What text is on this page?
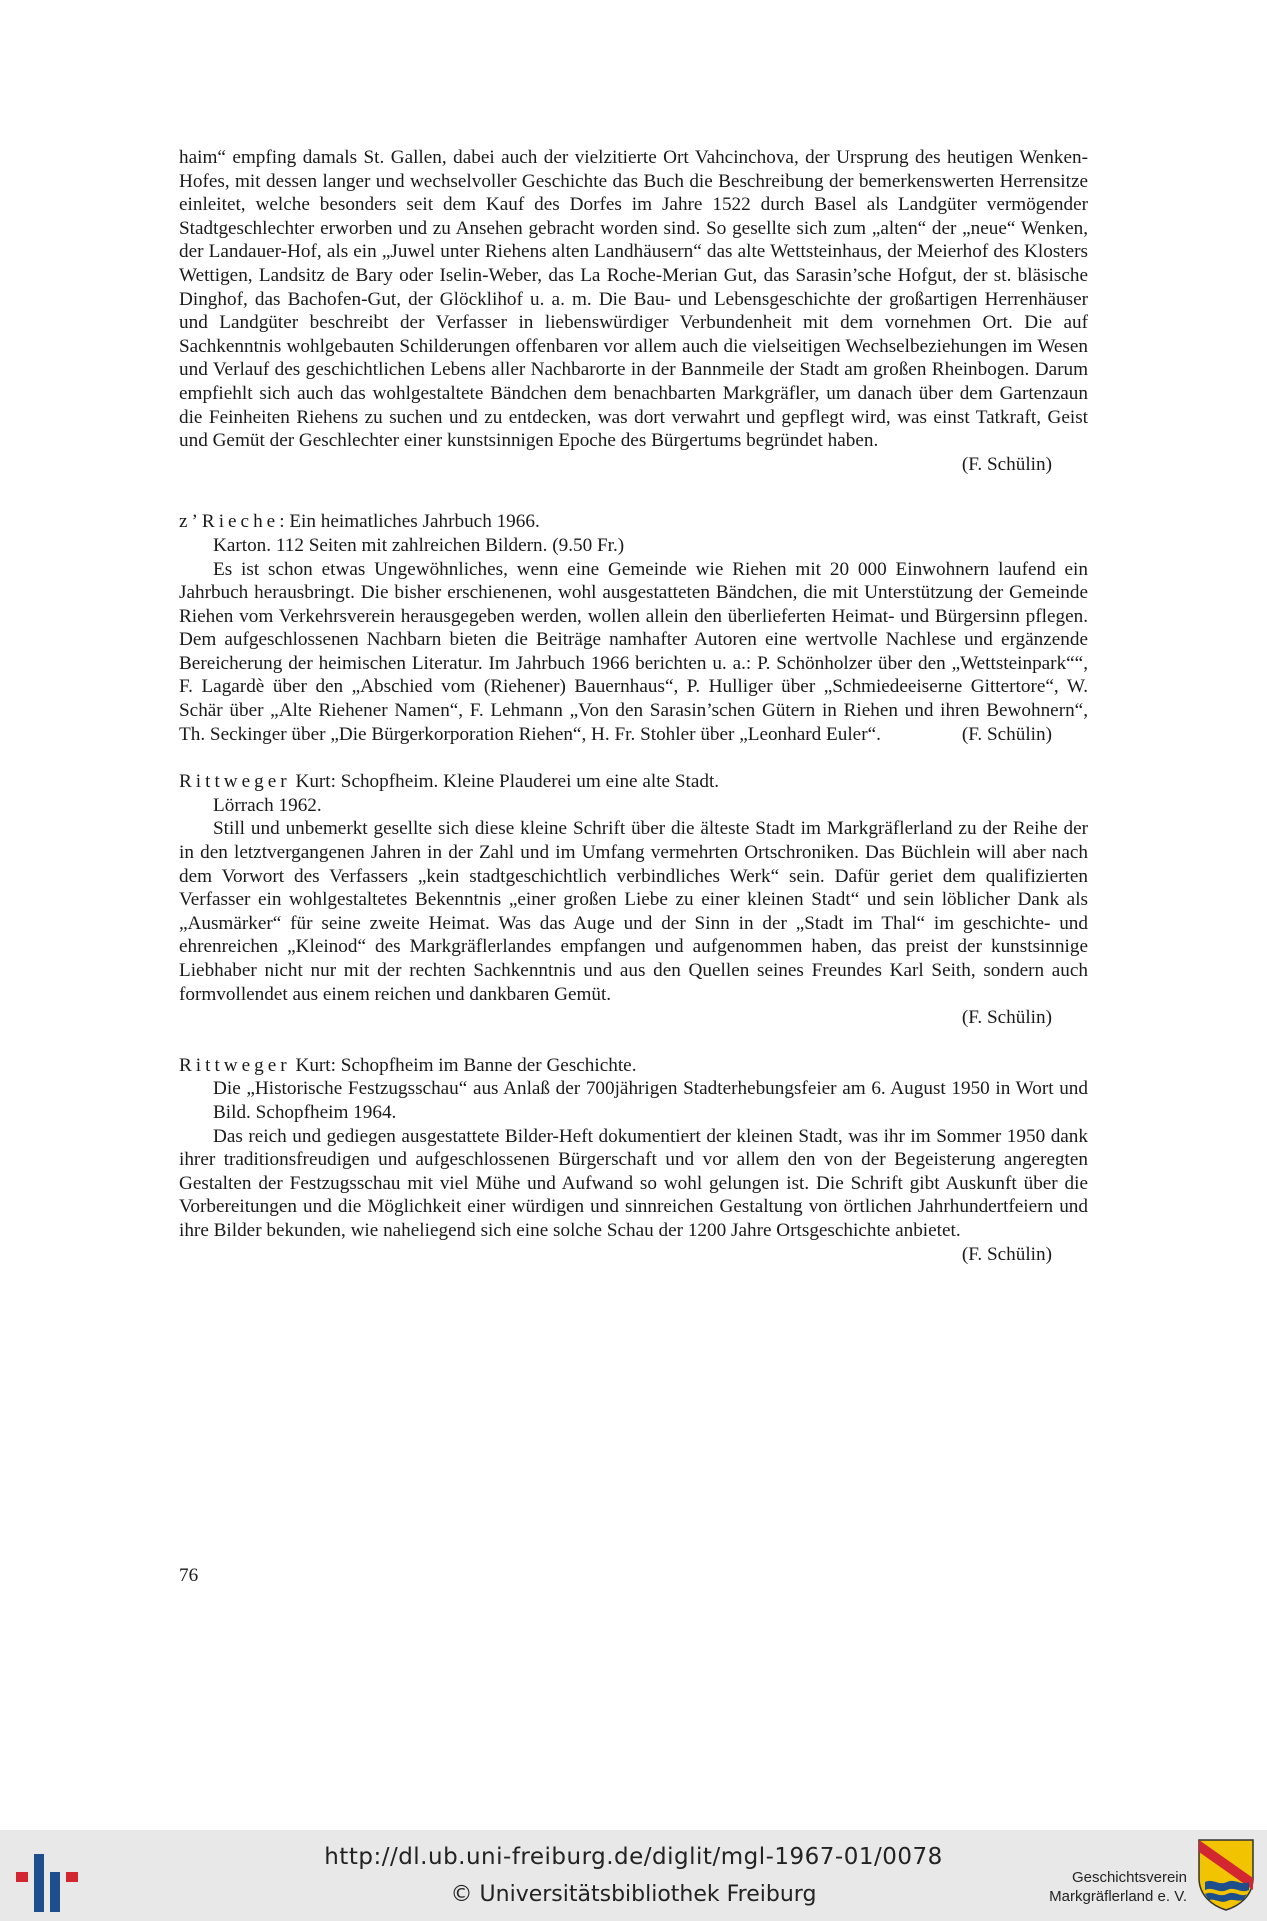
haim“ empfing damals St. Gallen, dabei auch der vielzitierte Ort Vahcinchova, der Ursprung des heutigen Wenken-Hofes, mit dessen langer und wechselvoller Geschichte das Buch die Beschreibung der bemerkenswerten Herrensitze einleitet, welche besonders seit dem Kauf des Dorfes im Jahre 1522 durch Basel als Landgüter vermögender Stadtgeschlechter erworben und zu Ansehen gebracht worden sind. So gesellte sich zum „alten“ der „neue“ Wenken, der Landauer-Hof, als ein „Juwel unter Riehens alten Landhäusern“ das alte Wettsteinhaus, der Meierhof des Klosters Wettigen, Landsitz de Bary oder Iselin-Weber, das La Roche-Merian Gut, das Sarasin’sche Hofgut, der st. bläsische Dinghof, das Bachofen-Gut, der Glöcklihof u. a. m. Die Bau- und Lebensgeschichte der großartigen Herrenhäuser und Landgüter beschreibt der Verfasser in liebenswürdiger Verbundenheit mit dem vornehmen Ort. Die auf Sachkenntnis wohlgebauten Schilderungen offenbaren vor allem auch die vielseitigen Wechselbeziehungen im Wesen und Verlauf des geschichtlichen Lebens aller Nachbarorte in der Bannmeile der Stadt am großen Rheinbogen. Darum empfiehlt sich auch das wohlgestaltete Bändchen dem benachbarten Markgräfler, um danach über dem Gartenzaun die Feinheiten Riehens zu suchen und zu entdecken, was dort verwahrt und gepflegt wird, was einst Tatkraft, Geist und Gemüt der Geschlechter einer kunstsinnigen Epoche des Bürgertums begründet haben.

(F. Schülin)

z’Rieche: Ein heimatliches Jahrbuch 1966.

Karton. 112 Seiten mit zahlreichen Bildern. (9.50 Fr.)

Es ist schon etwas Ungewöhnliches, wenn eine Gemeinde wie Riehen mit 20 000 Einwohnern laufend ein Jahrbuch herausbringt. Die bisher erschienenen, wohl ausgestatteten Bändchen, die mit Unterstützung der Gemeinde Riehen vom Verkehrsverein herausgegeben werden, wollen allein den überlieferten Heimat- und Bürgersinn pflegen. Dem aufgeschlossenen Nachbarn bieten die Beiträge namhafter Autoren eine wertvolle Nachlese und ergänzende Bereicherung der heimischen Literatur. Im Jahrbuch 1966 berichten u. a.: P. Schönholzer über den „Wettsteinpark““, F. Lagardè über den „Abschied vom (Riehener) Bauernhaus“, P. Hulliger über „Schmiedeeiserne Gittertore“, W. Schär über „Alte Riehener Namen“, F. Lehmann „Von den Sarasin’schen Gütern in Riehen und ihren Bewohnern“, Th. Seckinger über „Die Bürgerkorporation Riehen“, H. Fr. Stohler über „Leonhard Euler“.	(F. Schülin)

Rittweger Kurt: Schopfheim. Kleine Plauderei um eine alte Stadt.

Lörrach 1962.

Still und unbemerkt gesellte sich diese kleine Schrift über die älteste Stadt im Markgräflerland zu der Reihe der in den letztvergangenen Jahren in der Zahl und im Umfang vermehrten Ortschroniken. Das Büchlein will aber nach dem Vorwort des Verfassers „kein stadtgeschichtlich verbindliches Werk“ sein. Dafür geriet dem qualifizierten Verfasser ein wohlgestaltetes Bekenntnis „einer großen Liebe zu einer kleinen Stadt“ und sein löblicher Dank als „Ausmärker“ für seine zweite Heimat. Was das Auge und der Sinn in der „Stadt im Thal“ im geschichte- und ehrenreichen „Kleinod“ des Markgräflerlandes empfangen und aufgenommen haben, das preist der kunstsinnige Liebhaber nicht nur mit der rechten Sachkenntnis und aus den Quellen seines Freundes Karl Seith, sondern auch formvollendet aus einem reichen und dankbaren Gemüt.

(F. Schülin)

Rittweger Kurt: Schopfheim im Banne der Geschichte.

Die „Historische Festzugsschau“ aus Anlaß der 700jährigen Stadterhebungsfeier am 6. August 1950 in Wort und Bild. Schopfheim 1964.

Das reich und gediegen ausgestattete Bilder-Heft dokumentiert der kleinen Stadt, was ihr im Sommer 1950 dank ihrer traditionsfreudigen und aufgeschlossenen Bürgerschaft und vor allem den von der Begeisterung angeregten Gestalten der Festzugsschau mit viel Mühe und Aufwand so wohl gelungen ist. Die Schrift gibt Auskunft über die Vorbereitungen und die Möglichkeit einer würdigen und sinnreichen Gestaltung von örtlichen Jahrhundertfeiern und ihre Bilder bekunden, wie naheliegend sich eine solche Schau der 1200 Jahre Ortsgeschichte anbietet.
(F. Schülin)

76
http://dl.ub.uni-freiburg.de/diglit/mgl-1967-01/0078
© Universitätsbibliothek Freiburg
Geschichtsverein
Markgräflerland e. V.
